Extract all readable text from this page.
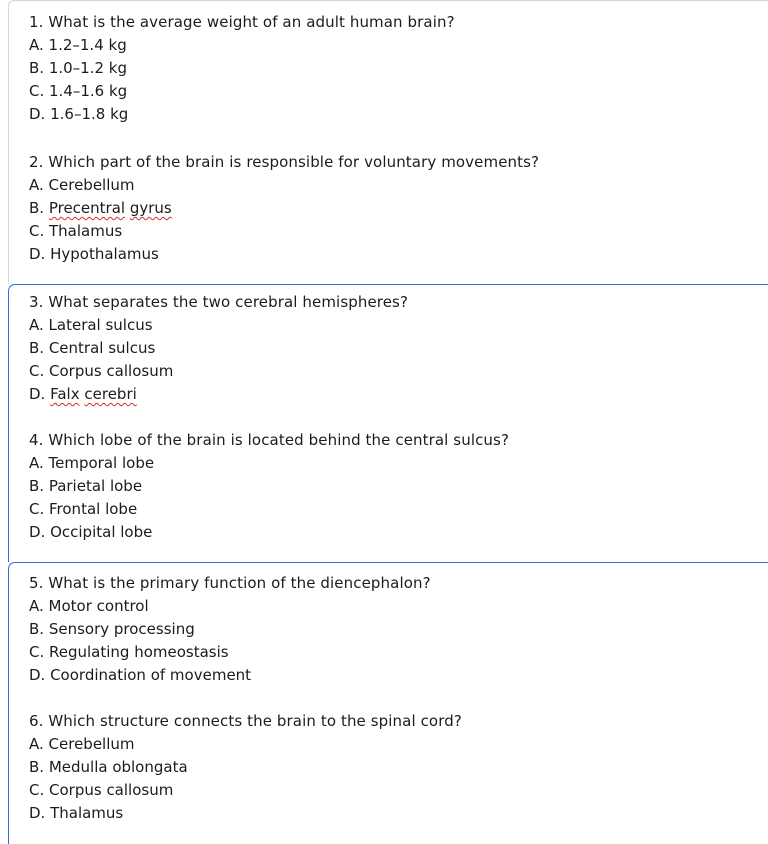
1. What is the average weight of an adult human brain?

A. 1.2–1.4 kg

B. 1.0–1.2 kg

C. 1.4–1.6 kg

D. 1.6–1.8 kg

2. Which part of the brain is responsible for voluntary movements?

A. Cerebellum

B. Precentral gyrus

C. Thalamus

D. Hypothalamus

3. What separates the two cerebral hemispheres?

A. Lateral sulcus

B. Central sulcus

C. Corpus callosum

D. Falx cerebri

4. Which lobe of the brain is located behind the central sulcus?

A. Temporal lobe

B. Parietal lobe

C. Frontal lobe

D. Occipital lobe

5. What is the primary function of the diencephalon?

A. Motor control

B. Sensory processing

C. Regulating homeostasis

D. Coordination of movement

6. Which structure connects the brain to the spinal cord?

A. Cerebellum

B. Medulla oblongata

C. Corpus callosum

D. Thalamus
